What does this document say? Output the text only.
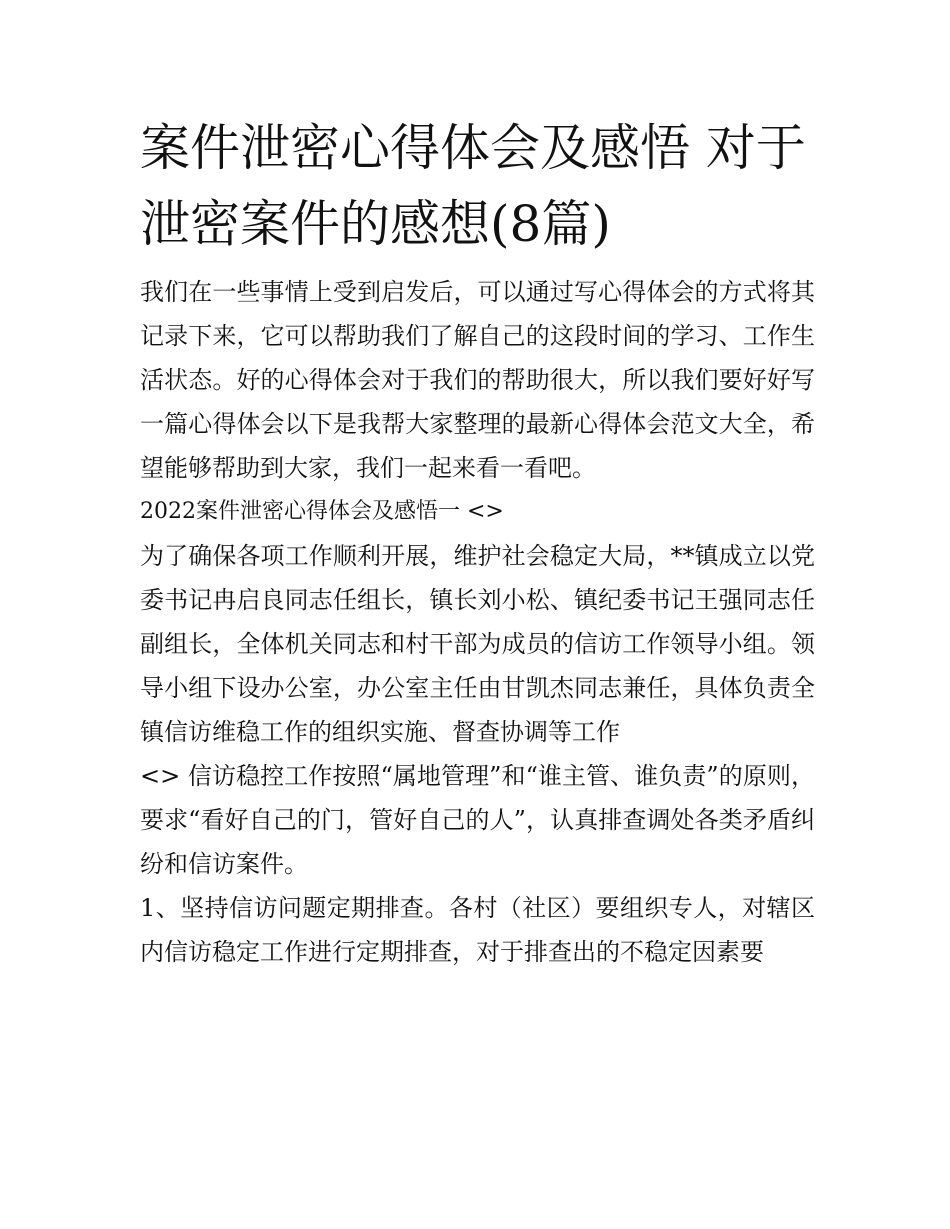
案件泄密心得体会及感悟 对于泄密案件的感想(8篇)

我们在一些事情上受到启发后，可以通过写心得体会的方式将其记录下来，它可以帮助我们了解自己的这段时间的学习、工作生活状态。好的心得体会对于我们的帮助很大，所以我们要好好写一篇心得体会以下是我帮大家整理的最新心得体会范文大全，希望能够帮助到大家，我们一起来看一看吧。

2022案件泄密心得体会及感悟一 <>

为了确保各项工作顺利开展，维护社会稳定大局，**镇成立以党委书记冉启良同志任组长，镇长刘小松、镇纪委书记王强同志任副组长，全体机关同志和村干部为成员的信访工作领导小组。领导小组下设办公室，办公室主任由甘凯杰同志兼任，具体负责全镇信访维稳工作的组织实施、督查协调等工作

<> 信访稳控工作按照“属地管理”和“谁主管、谁负责”的原则，要求“看好自己的门，管好自己的人”，认真排查调处各类矛盾纠纷和信访案件。

1、坚持信访问题定期排查。各村（社区）要组织专人，对辖区内信访稳定工作进行定期排查，对于排查出的不稳定因素要
